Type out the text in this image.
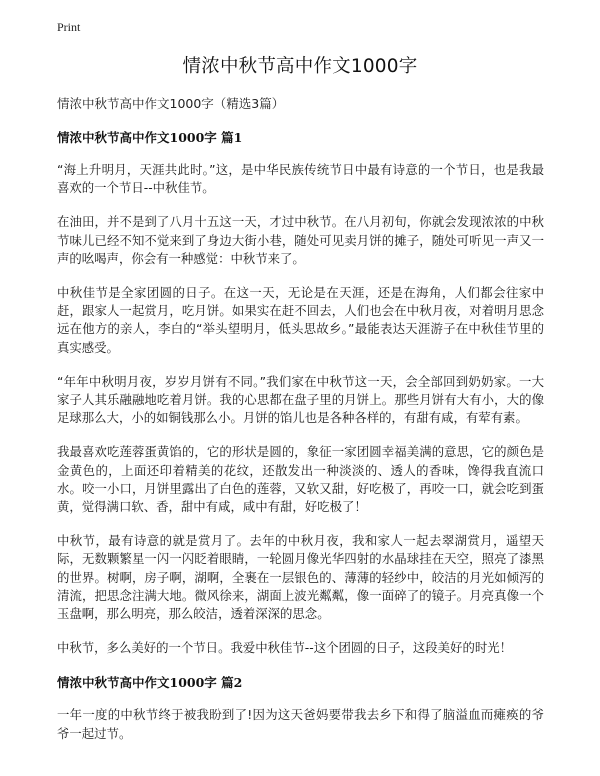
Print
情浓中秋节高中作文1000字
情浓中秋节高中作文1000字（精选3篇）
情浓中秋节高中作文1000字 篇1

“海上升明月，天涯共此时。”这，是中华民族传统节日中最有诗意的一个节日，也是我最喜欢的一个节日--中秋佳节。

在油田，并不是到了八月十五这一天，才过中秋节。在八月初旬，你就会发现浓浓的中秋节味儿已经不知不觉来到了身边大街小巷，随处可见卖月饼的摊子，随处可听见一声又一声的吆喝声，你会有一种感觉：中秋节来了。

中秋佳节是全家团圆的日子。在这一天，无论是在天涯，还是在海角，人们都会往家中赶，跟家人一起赏月，吃月饼。如果实在赶不回去，人们也会在中秋月夜，对着明月思念远在他方的亲人，李白的“举头望明月，低头思故乡。”最能表达天涯游子在中秋佳节里的真实感受。

“年年中秋明月夜，岁岁月饼有不同。”我们家在中秋节这一天，会全部回到奶奶家。一大家子人其乐融融地吃着月饼。我的心思都在盘子里的月饼上。那些月饼有大有小，大的像足球那么大，小的如铜钱那么小。月饼的馅儿也是各种各样的，有甜有咸，有荤有素。

我最喜欢吃莲蓉蛋黄馅的，它的形状是圆的，象征一家团圆幸福美满的意思，它的颜色是金黄色的，上面还印着精美的花纹，还散发出一种淡淡的、透人的香味，馋得我直流口水。咬一小口，月饼里露出了白色的莲蓉，又软又甜，好吃极了，再咬一口，就会吃到蛋黄，觉得满口软、香，甜中有咸，咸中有甜，好吃极了！

中秋节，最有诗意的就是赏月了。去年的中秋月夜，我和家人一起去翠湖赏月，遥望天际，无数颗繁星一闪一闪眨着眼睛，一轮圆月像光华四射的水晶球挂在天空，照亮了漆黑的世界。树啊，房子啊，湖啊，全裹在一层银色的、薄薄的轻纱中，皎洁的月光如倾泻的清流，把思念注满大地。微风徐来，湖面上波光粼粼，像一面碎了的镜子。月亮真像一个玉盘啊，那么明亮，那么皎洁，透着深深的思念。

中秋节，多么美好的一个节日。我爱中秋佳节--这个团圆的日子，这段美好的时光！

情浓中秋节高中作文1000字 篇2

一年一度的中秋节终于被我盼到了!因为这天爸妈要带我去乡下和得了脑溢血而瘫痪的爷爷一起过节。
